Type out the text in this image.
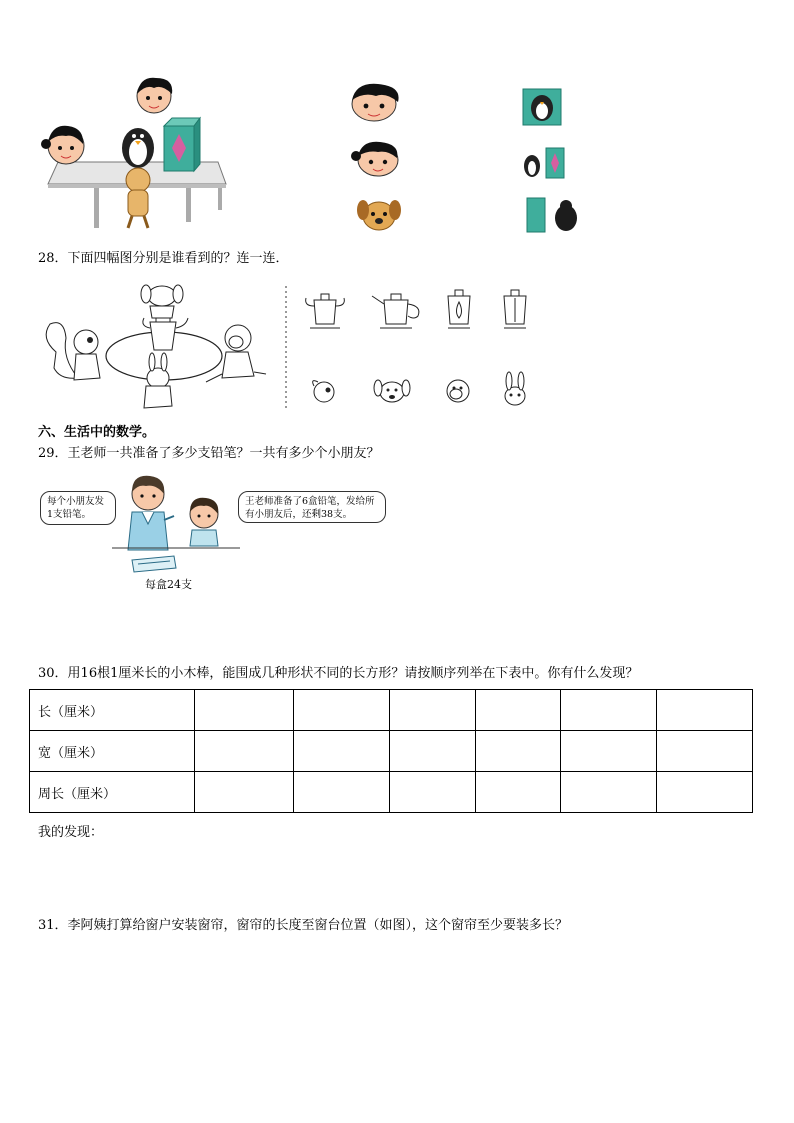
28．下面四幅图分别是谁看到的？连一连．
六、生活中的数学。
29．王老师一共准备了多少支铅笔？一共有多少个小朋友？
每个小朋友发1支铅笔。
王老师准备了6盒铅笔，发给所有小朋友后，还剩38支。
每盒24支
30．用16根1厘米长的小木棒，能围成几种形状不同的长方形？请按顺序列举在下表中。你有什么发现？
长（厘米）						
宽（厘米）						
周长（厘米）						
我的发现：
31．李阿姨打算给窗户安装窗帘，窗帘的长度至窗台位置（如图），这个窗帘至少要装多长？
